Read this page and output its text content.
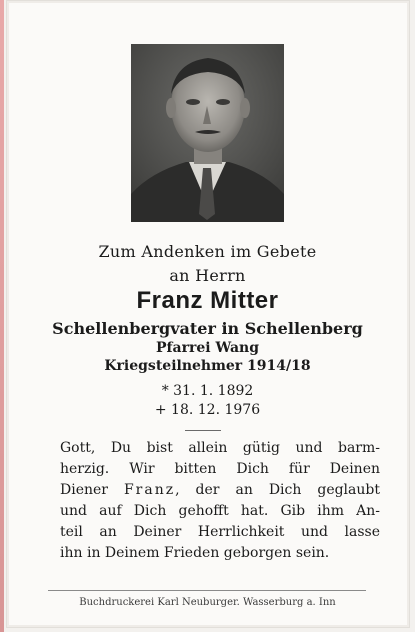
Zum Andenken im Gebete
an Herrn
Franz Mitter
Schellenbergvater in Schellenberg
Pfarrei Wang
Kriegsteilnehmer 1914/18
* 31. 1. 1892
+ 18. 12. 1976
Gott, Du bist allein gütig und barm-
herzig. Wir bitten Dich für Deinen
Diener Franz, der an Dich geglaubt
und auf Dich gehofft hat. Gib ihm An-
teil an Deiner Herrlichkeit und lasse
ihn in Deinem Frieden geborgen sein.
Buchdruckerei Karl Neuburger. Wasserburg a. Inn
